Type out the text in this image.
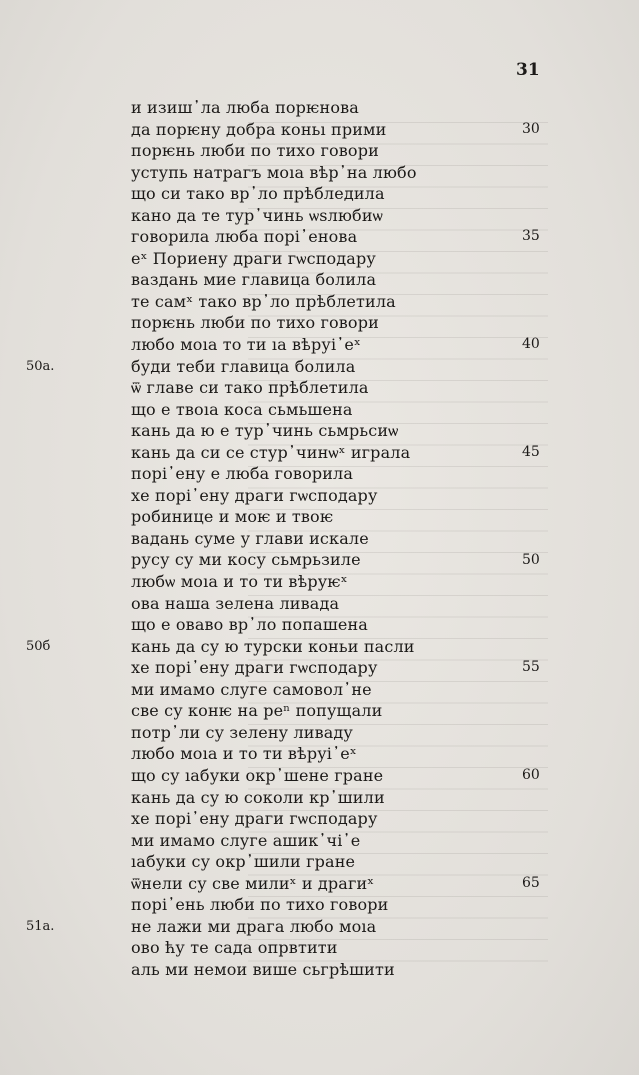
31
и изиш᾿ла люба порѥнова
да порѥну добра коньı прими
порѥнь люби по тихо говори
уступь натрагъ моıа вѣр᾿на любо
що си тако вр᾿ло прѣбледила
кано да те тур᾿чинь ѡѕлюбиѡ
говорила люба порі᾿енова
еˣ Пориену драги гѡсподару
ваздань мие главица болила
те самˣ тако вр᾿ло прѣблетила
порѥнь люби по тихо говори
любо моıа то ти ıа вѣруі᾿еˣ
буди теби главица болила
ѿ главе си тако прѣблетила
що е твоıа коса сьмьшена
кань да ю е тур᾿чинь сьмрьсиѡ
кань да си се стур᾿чинѡˣ играла
порі᾿ену е люба говорила
хе порі᾿ену драги гѡсподару
робинице и моѥ и твоѥ
вадань суме у глави искале
русу су ми косу сьмрьзиле
любѡ моıа и то ти вѣруѥˣ
ова наша зелена ливада
що е оваво вр᾿ло попашена
кань да су ю турски коньи пасли
хе порі᾿ену драги гѡсподару
ми имамо слуге самовол᾿не
све су конѥ на реⁿ попущали
потр᾿ли су зелену ливаду
любо моıа и то ти вѣруі᾿еˣ
що су ıабуки окр᾿шене гране
кань да су ю соколи кр᾿шили
хе порі᾿ену драги гѡсподару
ми имамо слуге ашик᾿чі᾿е
ıабуки су окр᾿шили гране
ѿнели су све милиˣ и драгиˣ
порі᾿ень люби по тихо говори
не лажи ми драга любо моıа
ово ћу те сада опрвтити
аль ми немои више сьгрѣшити
30
35
40
45
50
55
60
65
50a.
50б
51a.
